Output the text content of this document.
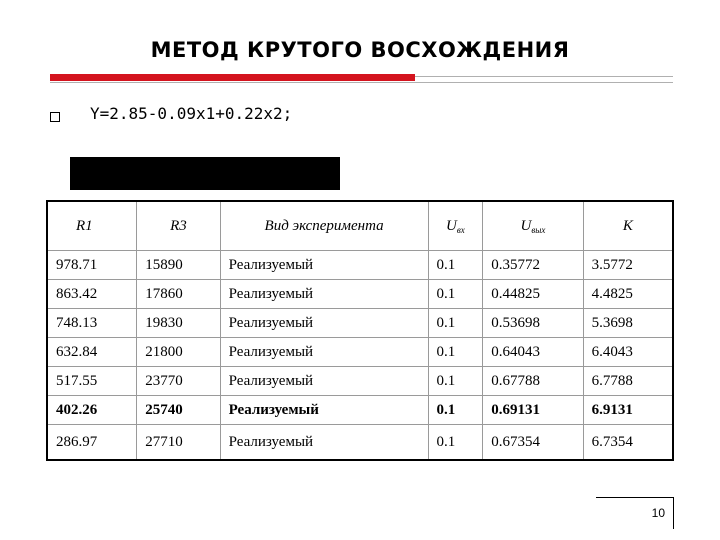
МЕТОД КРУТОГО ВОСХОЖДЕНИЯ
Y=2.85-0.09x1+0.22x2;
R1	R3	Вид эксперимента	$U_{вх}$	$U_{вых}$	K
978.71	15890	Реализуемый	0.1	0.35772	3.5772
863.42	17860	Реализуемый	0.1	0.44825	4.4825
748.13	19830	Реализуемый	0.1	0.53698	5.3698
632.84	21800	Реализуемый	0.1	0.64043	6.4043
517.55	23770	Реализуемый	0.1	0.67788	6.7788
402.26	25740	Реализуемый	0.1	0.69131	6.9131
286.97	27710	Реализуемый	0.1	0.67354	6.7354
10
